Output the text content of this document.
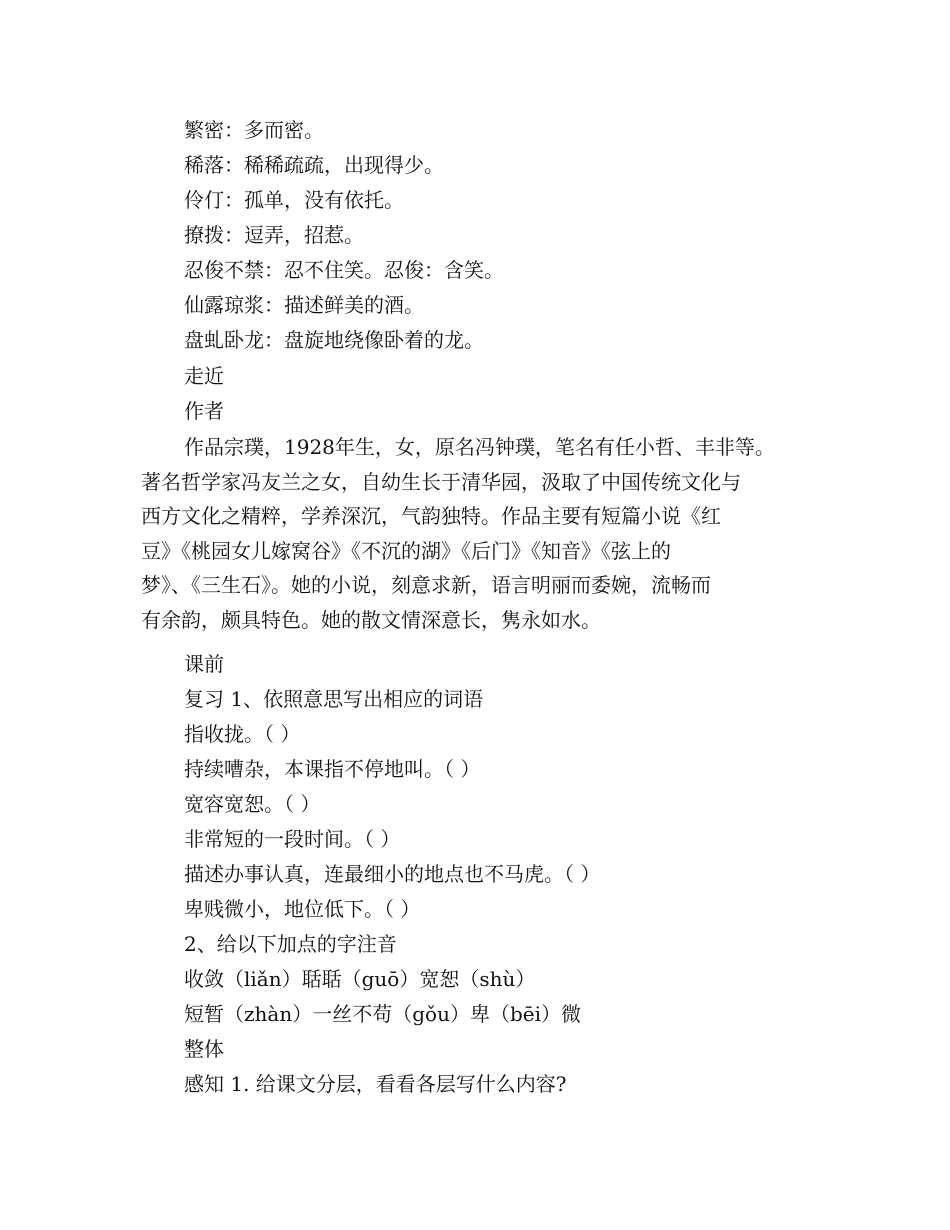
繁密：多而密。
稀落：稀稀疏疏，出现得少。
伶仃：孤单，没有依托。
撩拨：逗弄，招惹。
忍俊不禁：忍不住笑。忍俊：含笑。
仙露琼浆：描述鲜美的酒。
盘虬卧龙：盘旋地绕像卧着的龙。
走近
作者
作品宗璞，1928年生，女，原名冯钟璞，笔名有任小哲、丰非等。
著名哲学家冯友兰之女，自幼生长于清华园，汲取了中国传统文化与
西方文化之精粹，学养深沉，气韵独特。作品主要有短篇小说《红
豆》《桃园女儿嫁窝谷》《不沉的湖》《后门》《知音》《弦上的
梦》、《三生石》。她的小说，刻意求新，语言明丽而委婉，流畅而
有余韵，颇具特色。她的散文情深意长，隽永如水。
课前
复习 1、依照意思写出相应的词语
指收拢。（ ）
持续嘈杂，本课指不停地叫。（ ）
宽容宽恕。（ ）
非常短的一段时间。（ ）
描述办事认真，连最细小的地点也不马虎。（ ）
卑贱微小，地位低下。（ ）
2、给以下加点的字注音
收敛（liǎn）聒聒（guō）宽恕（shù）
短暂（zhàn）一丝不苟（gǒu）卑（bēi）微
整体
感知 1. 给课文分层，看看各层写什么内容?
